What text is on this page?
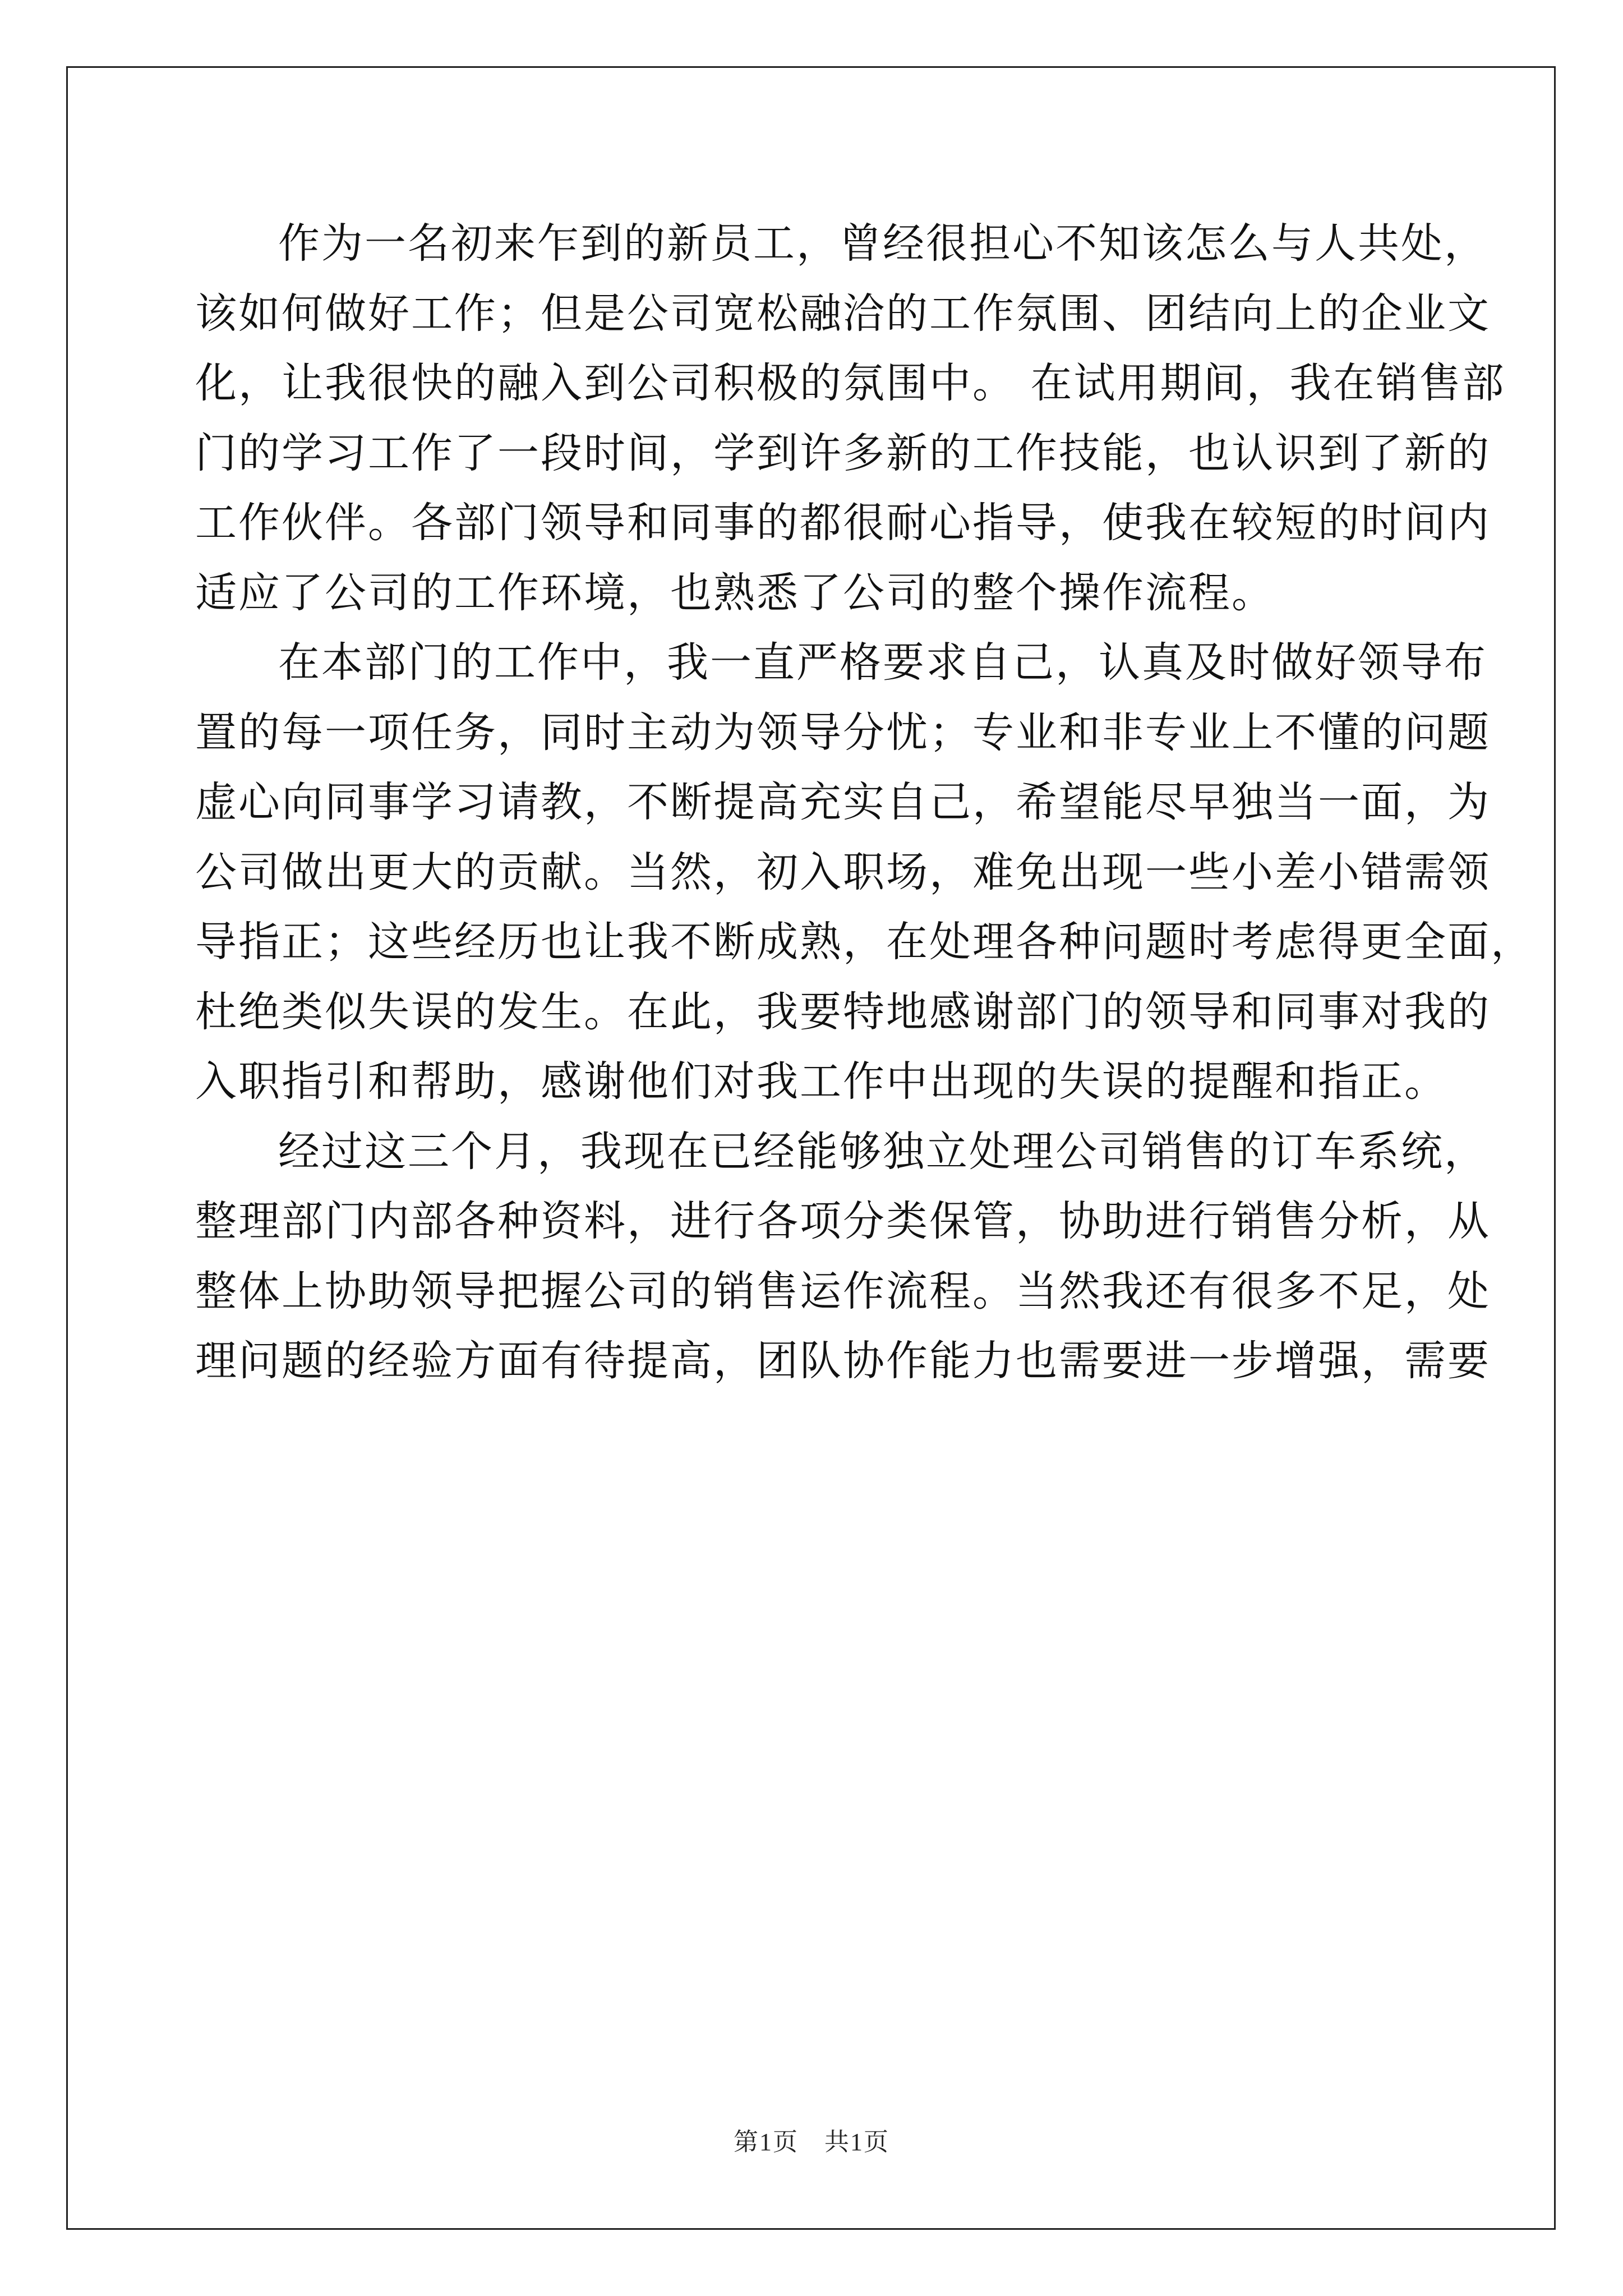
作为一名初来乍到的新员工，曾经很担心不知该怎么与人共处，
该如何做好工作；但是公司宽松融洽的工作氛围、团结向上的企业文
化，让我很快的融入到公司积极的氛围中。 在试用期间，我在销售部
门的学习工作了一段时间，学到许多新的工作技能，也认识到了新的
工作伙伴。各部门领导和同事的都很耐心指导，使我在较短的时间内
适应了公司的工作环境，也熟悉了公司的整个操作流程。
在本部门的工作中，我一直严格要求自己，认真及时做好领导布
置的每一项任务，同时主动为领导分忧；专业和非专业上不懂的问题
虚心向同事学习请教，不断提高充实自己，希望能尽早独当一面，为
公司做出更大的贡献。当然，初入职场，难免出现一些小差小错需领
导指正；这些经历也让我不断成熟，在处理各种问题时考虑得更全面，
杜绝类似失误的发生。在此，我要特地感谢部门的领导和同事对我的
入职指引和帮助，感谢他们对我工作中出现的失误的提醒和指正。
经过这三个月，我现在已经能够独立处理公司销售的订车系统，
整理部门内部各种资料，进行各项分类保管，协助进行销售分析，从
整体上协助领导把握公司的销售运作流程。当然我还有很多不足，处
理问题的经验方面有待提高，团队协作能力也需要进一步增强，需要
第1页 共1页
